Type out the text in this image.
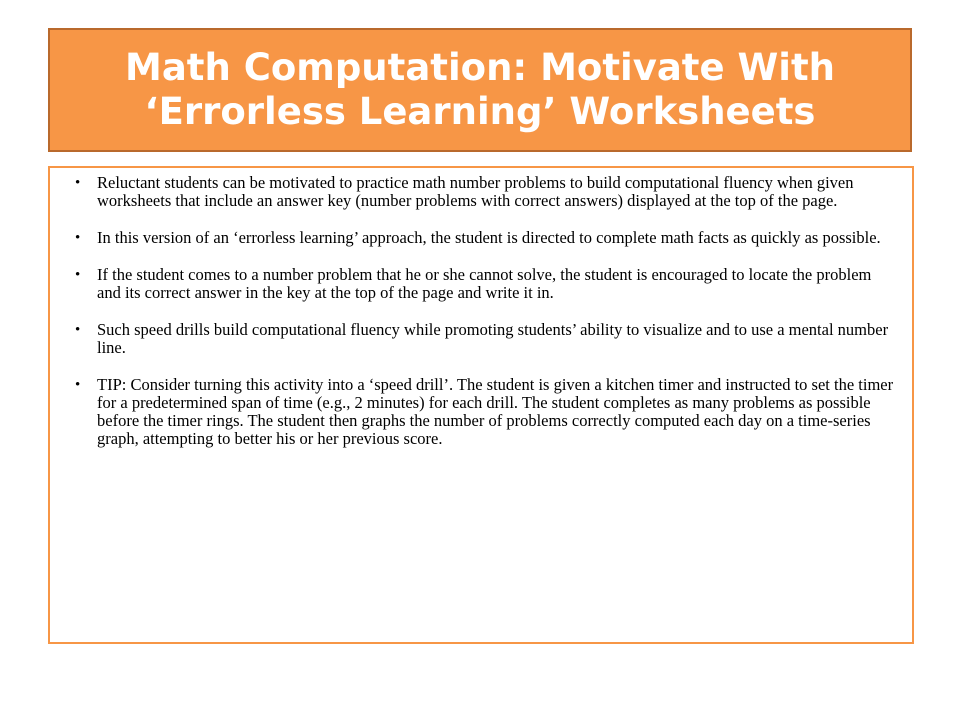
Math Computation: Motivate With ‘Errorless Learning’ Worksheets
• Reluctant students can be motivated to practice math number problems to build computational fluency when given worksheets that include an answer key (number problems with correct answers) displayed at the top of the page.
• In this version of an ‘errorless learning’ approach, the student is directed to complete math facts as quickly as possible.
• If the student comes to a number problem that he or she cannot solve, the student is encouraged to locate the problem and its correct answer in the key at the top of the page and write it in.
• Such speed drills build computational fluency while promoting students’ ability to visualize and to use a mental number line.
• TIP: Consider turning this activity into a ‘speed drill’. The student is given a kitchen timer and instructed to set the timer for a predetermined span of time (e.g., 2 minutes) for each drill. The student completes as many problems as possible before the timer rings. The student then graphs the number of problems correctly computed each day on a time-series graph, attempting to better his or her previous score.
